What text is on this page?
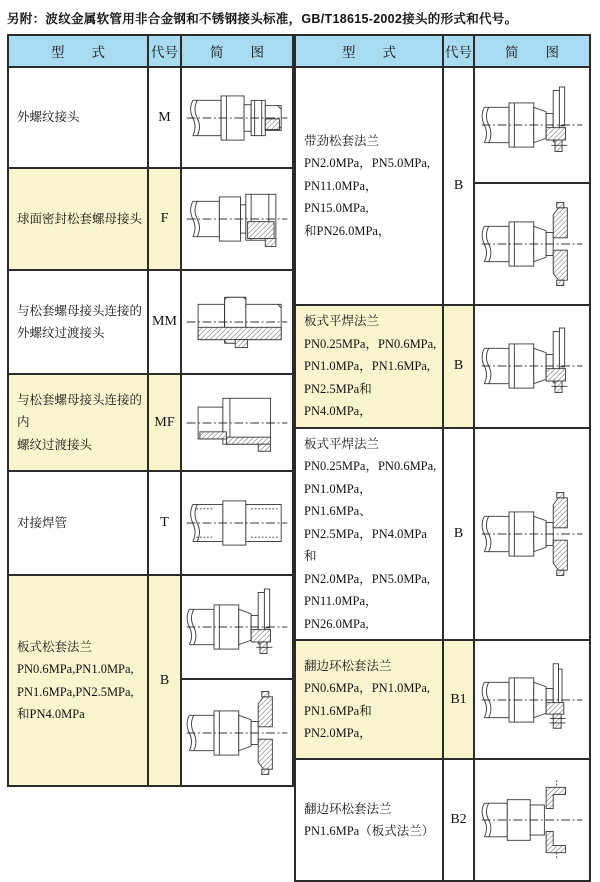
另附：波纹金属软管用非合金钢和不锈钢接头标准，GB/T18615-2002接头的形式和代号。
型　　式	代号	简　　图

外螺纹接头	M	

球面密封松套螺母接头	F	

与松套螺母接头连接的
外螺纹过渡接头	MM	

与松套螺母接头连接的内
螺纹过渡接头	MF	

对接焊管	T	

板式松套法兰
PN0.6MPa,PN1.0MPa,
PN1.6MPa,PN2.5MPa,
和PN4.0MPa	B	

型　　式	代号	简　　图

带劲松套法兰
PN2.0MPa，PN5.0MPa,
PN11.0MPa，PN15.0MPa,
和PN26.0MPa，	B	

板式平焊法兰
PN0.25MPa，PN0.6MPa,
PN1.0MPa，PN1.6MPa,
PN2.5MPa和PN4.0MPa，	B	

板式平焊法兰
PN0.25MPa，PN0.6MPa,
PN1.0MPa，PN1.6MPa、
PN2.5MPa，PN4.0MPa和
PN2.0MPa，PN5.0MPa,
PN11.0MPa，PN26.0MPa,
	B	

翻边环松套法兰
PN0.6MPa，PN1.0MPa,
PN1.6MPa和PN2.0MPa，	B1	

翻边环松套法兰
PN1.6MPa（板式法兰）	B2	
